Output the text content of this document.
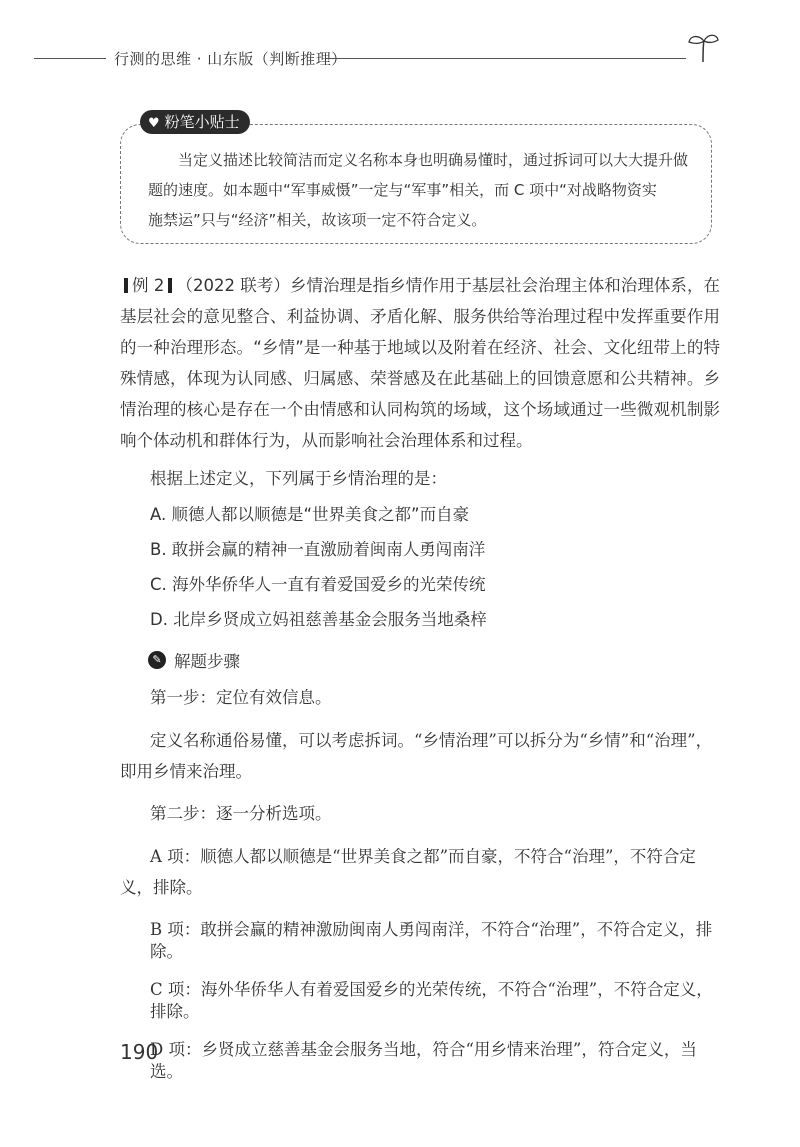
行测的思维 · 山东版（判断推理）
♥ 粉笔小贴士

当定义描述比较简洁而定义名称本身也明确易懂时，通过拆词可以大大提升做

题的速度。如本题中“军事威慑”一定与“军事”相关，而 C 项中“对战略物资实

施禁运”只与“经济”相关，故该项一定不符合定义。

例 2 （2022 联考）乡情治理是指乡情作用于基层社会治理主体和治理体系，在基层社会的意见整合、利益协调、矛盾化解、服务供给等治理过程中发挥重要作用的一种治理形态。“乡情”是一种基于地域以及附着在经济、社会、文化纽带上的特殊情感，体现为认同感、归属感、荣誉感及在此基础上的回馈意愿和公共精神。乡情治理的核心是存在一个由情感和认同构筑的场域，这个场域通过一些微观机制影响个体动机和群体行为，从而影响社会治理体系和过程。

根据上述定义，下列属于乡情治理的是：

A. 顺德人都以顺德是“世界美食之都”而自豪

B. 敢拼会赢的精神一直激励着闽南人勇闯南洋

C. 海外华侨华人一直有着爱国爱乡的光荣传统

D. 北岸乡贤成立妈祖慈善基金会服务当地桑梓

✎ 解题步骤

第一步：定位有效信息。

定义名称通俗易懂，可以考虑拆词。“乡情治理”可以拆分为“乡情”和“治理”，即用乡情来治理。

第二步：逐一分析选项。

A 项：顺德人都以顺德是“世界美食之都”而自豪，不符合“治理”，不符合定义，排除。

B 项：敢拼会赢的精神激励闽南人勇闯南洋，不符合“治理”，不符合定义，排除。

C 项：海外华侨华人有着爱国爱乡的光荣传统，不符合“治理”，不符合定义，排除。

D 项：乡贤成立慈善基金会服务当地，符合“用乡情来治理”，符合定义，当选。

190
